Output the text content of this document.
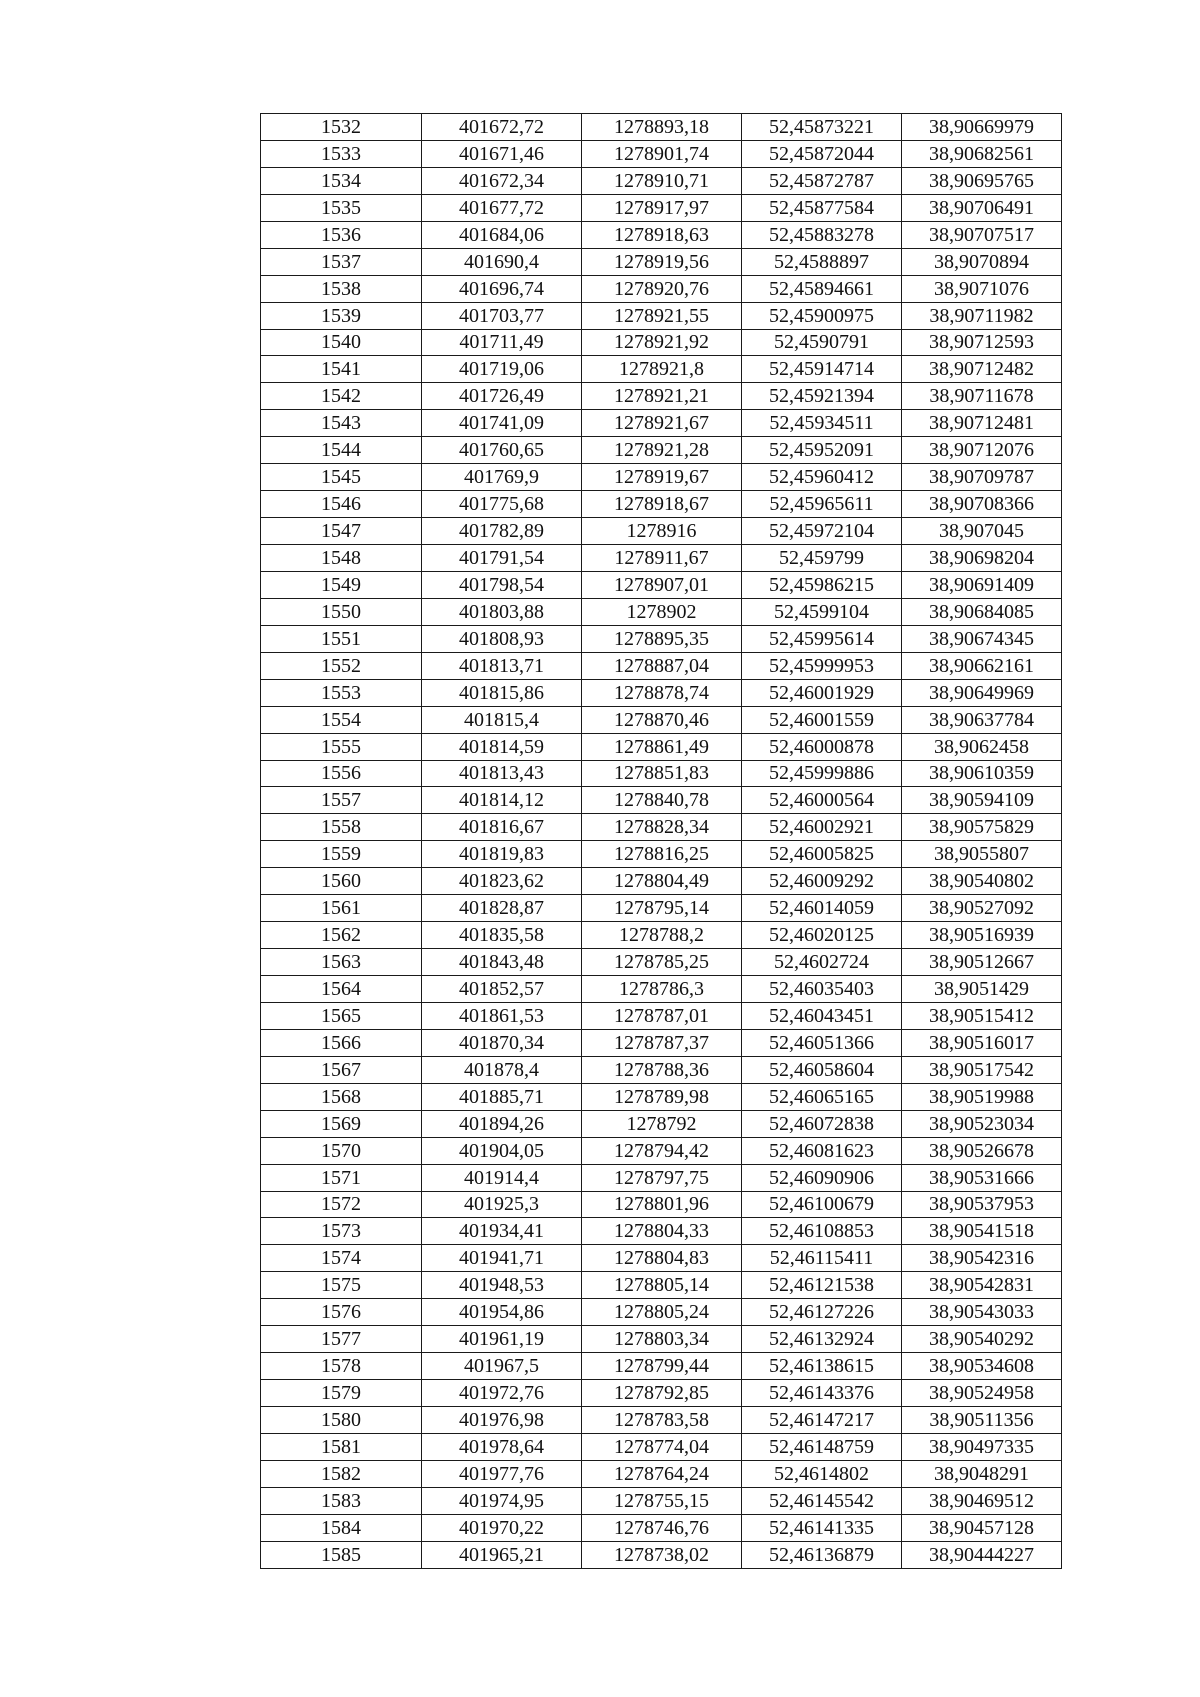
1532	401672,72	1278893,18	52,45873221	38,90669979
1533	401671,46	1278901,74	52,45872044	38,90682561
1534	401672,34	1278910,71	52,45872787	38,90695765
1535	401677,72	1278917,97	52,45877584	38,90706491
1536	401684,06	1278918,63	52,45883278	38,90707517
1537	401690,4	1278919,56	52,4588897	38,9070894
1538	401696,74	1278920,76	52,45894661	38,9071076
1539	401703,77	1278921,55	52,45900975	38,90711982
1540	401711,49	1278921,92	52,4590791	38,90712593
1541	401719,06	1278921,8	52,45914714	38,90712482
1542	401726,49	1278921,21	52,45921394	38,90711678
1543	401741,09	1278921,67	52,45934511	38,90712481
1544	401760,65	1278921,28	52,45952091	38,90712076
1545	401769,9	1278919,67	52,45960412	38,90709787
1546	401775,68	1278918,67	52,45965611	38,90708366
1547	401782,89	1278916	52,45972104	38,907045
1548	401791,54	1278911,67	52,459799	38,90698204
1549	401798,54	1278907,01	52,45986215	38,90691409
1550	401803,88	1278902	52,4599104	38,90684085
1551	401808,93	1278895,35	52,45995614	38,90674345
1552	401813,71	1278887,04	52,45999953	38,90662161
1553	401815,86	1278878,74	52,46001929	38,90649969
1554	401815,4	1278870,46	52,46001559	38,90637784
1555	401814,59	1278861,49	52,46000878	38,9062458
1556	401813,43	1278851,83	52,45999886	38,90610359
1557	401814,12	1278840,78	52,46000564	38,90594109
1558	401816,67	1278828,34	52,46002921	38,90575829
1559	401819,83	1278816,25	52,46005825	38,9055807
1560	401823,62	1278804,49	52,46009292	38,90540802
1561	401828,87	1278795,14	52,46014059	38,90527092
1562	401835,58	1278788,2	52,46020125	38,90516939
1563	401843,48	1278785,25	52,4602724	38,90512667
1564	401852,57	1278786,3	52,46035403	38,9051429
1565	401861,53	1278787,01	52,46043451	38,90515412
1566	401870,34	1278787,37	52,46051366	38,90516017
1567	401878,4	1278788,36	52,46058604	38,90517542
1568	401885,71	1278789,98	52,46065165	38,90519988
1569	401894,26	1278792	52,46072838	38,90523034
1570	401904,05	1278794,42	52,46081623	38,90526678
1571	401914,4	1278797,75	52,46090906	38,90531666
1572	401925,3	1278801,96	52,46100679	38,90537953
1573	401934,41	1278804,33	52,46108853	38,90541518
1574	401941,71	1278804,83	52,46115411	38,90542316
1575	401948,53	1278805,14	52,46121538	38,90542831
1576	401954,86	1278805,24	52,46127226	38,90543033
1577	401961,19	1278803,34	52,46132924	38,90540292
1578	401967,5	1278799,44	52,46138615	38,90534608
1579	401972,76	1278792,85	52,46143376	38,90524958
1580	401976,98	1278783,58	52,46147217	38,90511356
1581	401978,64	1278774,04	52,46148759	38,90497335
1582	401977,76	1278764,24	52,4614802	38,9048291
1583	401974,95	1278755,15	52,46145542	38,90469512
1584	401970,22	1278746,76	52,46141335	38,90457128
1585	401965,21	1278738,02	52,46136879	38,90444227
